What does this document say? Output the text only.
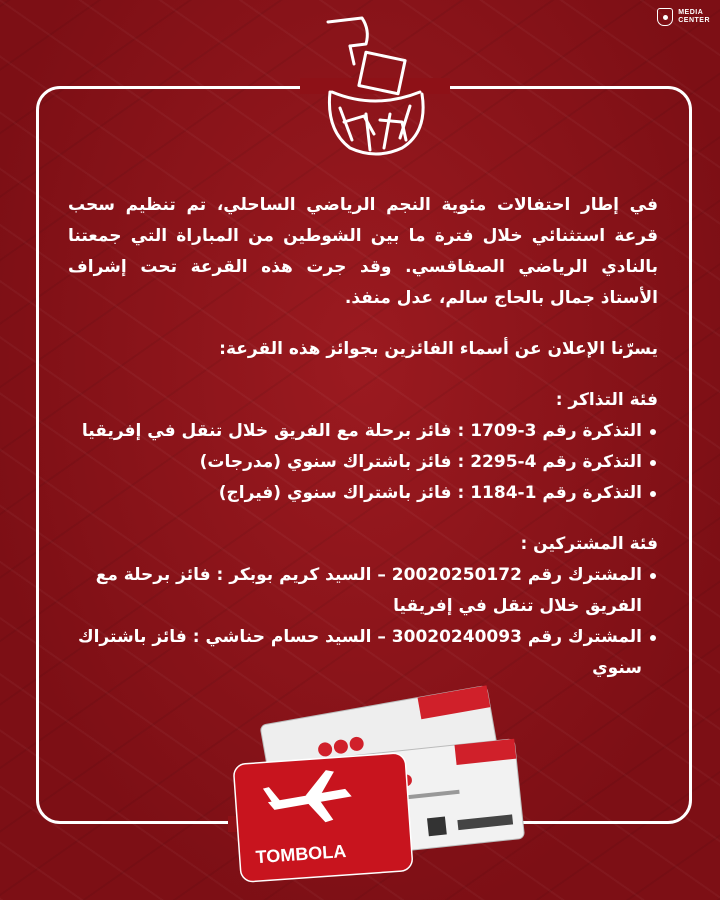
MEDIA
CENTER

في إطار احتفالات مئوية النجم الرياضي الساحلي، تم تنظيم سحب قرعة استثنائي خلال فترة ما بين الشوطين من المباراة التي جمعتنا بالنادي الرياضي الصفاقسي. وقد جرت هذه القرعة تحت إشراف الأستاذ جمال بالحاج سالم، عدل منفذ.

يسرّنا الإعلان عن أسماء الفائزين بجوائز هذه القرعة:

فئة التذاكر :

التذكرة رقم 3-1709 : فائز برحلة مع الفريق خلال تنقل في إفريقيا
التذكرة رقم 4-2295 : فائز باشتراك سنوي (مدرجات)
التذكرة رقم 1-1184 : فائز باشتراك سنوي (فيراج)

فئة المشتركين :

المشترك رقم 20020250172 – السيد كريم بوبكر : فائز برحلة مع الفريق خلال تنقل في إفريقيا
المشترك رقم 30020240093 – السيد حسام حناشي : فائز باشتراك سنوي
TOMBOLA
